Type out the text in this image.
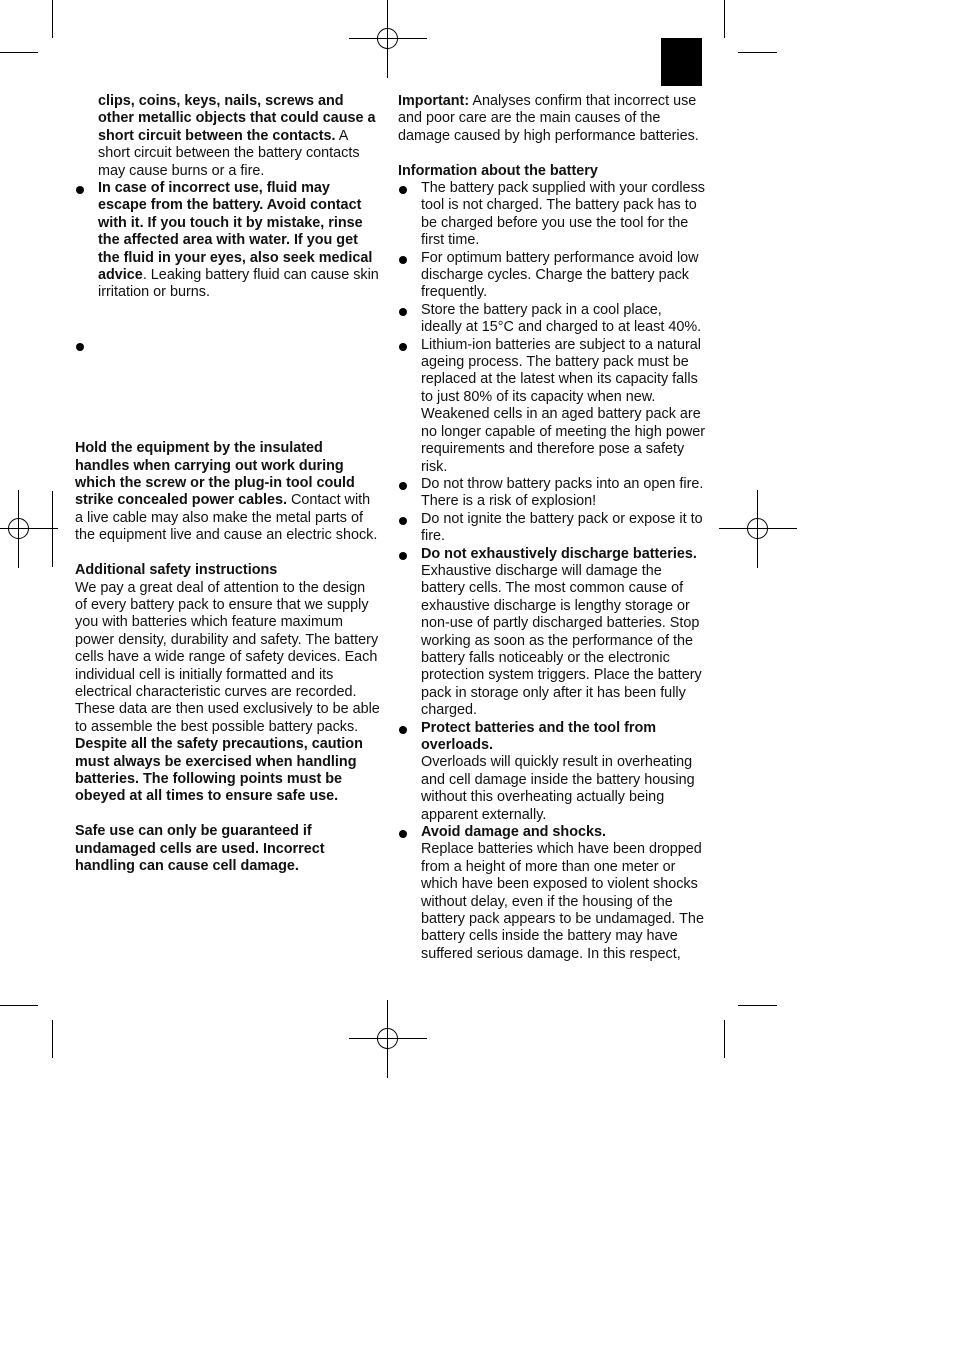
clips, coins, keys, nails, screws and other metallic objects that could cause a short circuit between the contacts. A short circuit between the battery contacts may cause burns or a fire.

In case of incorrect use, fluid may escape from the battery. Avoid contact with it. If you touch it by mistake, rinse the affected area with water. If you get the fluid in your eyes, also seek medical advice. Leaking battery fluid can cause skin irritation or burns.

Hold the equipment by the insulated handles when carrying out work during which the screw or the plug-in tool could strike concealed power cables. Contact with a live cable may also make the metal parts of the equipment live and cause an electric shock.

Additional safety instructions

We pay a great deal of attention to the design of every battery pack to ensure that we supply you with batteries which feature maximum power density, durability and safety. The battery cells have a wide range of safety devices. Each individual cell is initially formatted and its electrical characteristic curves are recorded. These data are then used exclusively to be able to assemble the best possible battery packs.

Despite all the safety precautions, caution must always be exercised when handling batteries. The following points must be obeyed at all times to ensure safe use.

Safe use can only be guaranteed if undamaged cells are used. Incorrect handling can cause cell damage.

Important: Analyses confirm that incorrect use and poor care are the main causes of the damage caused by high performance batteries.

Information about the battery
The battery pack supplied with your cordless tool is not charged. The battery pack has to be charged before you use the tool for the first time.
For optimum battery performance avoid low discharge cycles. Charge the battery pack frequently.
Store the battery pack in a cool place, ideally at 15°C and charged to at least 40%.
Lithium-ion batteries are subject to a natural ageing process. The battery pack must be replaced at the latest when its capacity falls to just 80% of its capacity when new. Weakened cells in an aged battery pack are no longer capable of meeting the high power requirements and therefore pose a safety risk.
Do not throw battery packs into an open fire. There is a risk of explosion!
Do not ignite the battery pack or expose it to fire.
Do not exhaustively discharge batteries.
Exhaustive discharge will damage the battery cells. The most common cause of exhaustive discharge is lengthy storage or non-use of partly discharged batteries. Stop working as soon as the performance of the battery falls noticeably or the electronic protection system triggers. Place the battery pack in storage only after it has been fully charged.
Protect batteries and the tool from overloads.
Overloads will quickly result in overheating and cell damage inside the battery housing without this overheating actually being apparent externally.
Avoid damage and shocks.
Replace batteries which have been dropped from a height of more than one meter or which have been exposed to violent shocks without delay, even if the housing of the battery pack appears to be undamaged. The battery cells inside the battery may have suffered serious damage. In this respect,
